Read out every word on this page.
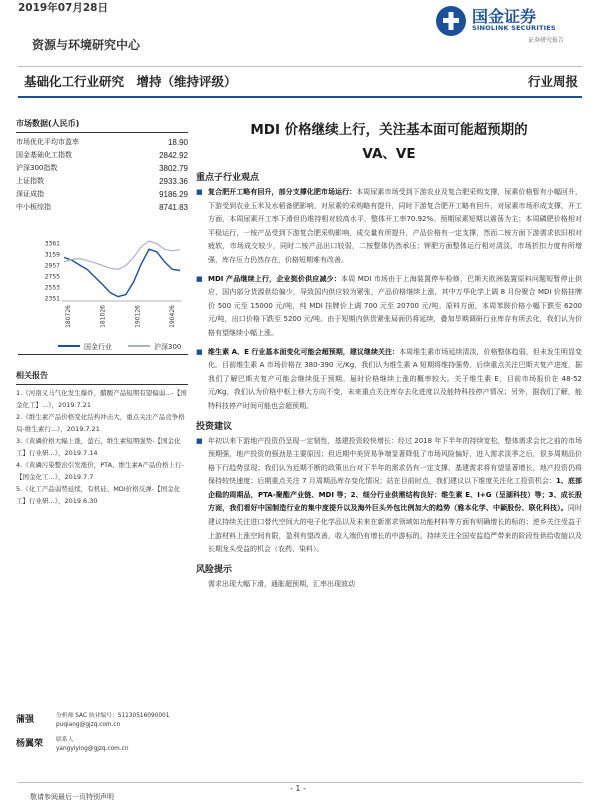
2019年07月28日	国金证券
SINOLINK SECURITIES
证券研究报告
资源与环境研究中心
基础化工行业研究　增持（维持评级）	行业周报
市场数据(人民币)
市场优化平均市盈率	18.90
国金基础化工指数	2842.92
沪深300指数	3802.79
上证指数	2933.36
深证成指	9186.29
中小板综指	8741.83
3361
3159
2957
2755
2553
2351
180726	181026	190126	190426
国金行业	沪深300
相关报告
1.《河南义马气化发生爆炸，醋酸产品短期有望偏弱...-【国金化工】...》，2019.7.21
2.《维生素产品价格变化结构冲击大，重点关注产品竞争格局-维生素行...》，2019.7.21
3.《黄磷价格大幅上涨，萤石、维生素短期强势-【国金化工】行业研...》，2019.7.14
4.《黄磷污染整治引发涨价，PTA、维生素A产品价格上行-【国金化工...》，2019.7.7
5.《化工产品弱势延续，有机硅、MDI价格反弹-【国金化工】行业研...》，2019.6.30
蒲强	分析师 SAC 执业编号：S1130516090001
puqiang@gjzq.com.cn
杨翼荣	联系人
yangyiying@gjzq.com.cn
MDI 价格继续上行，关注基本面可能超预期的
VA、VE
重点子行业观点

■ 复合肥开工略有回升，部分支撑化肥市场运行：本周尿素市场受到下游农业及复合肥采购支撑，尿素价格暂有小幅回升，下游受到农业玉米及水稻备肥影响，对尿素的采购略有提升，同时下游复合肥开工略有回升，对尿素市场形成支撑，开工方面，本周尿素开工率下滑但仍维持相对较高水平，整体开工率70.92%。预期尿素短期以震荡为主；本周磷肥价格相对平稳运行，一铵产品受到下游复合肥采购影响，成交量有所提升，产品价格有一定支撑，然而二铵方面下游需求依旧相对疲软，市场成交较少，同时二铵产品出口较弱，二铵整体仍然承压；钾肥方面整体运行相对清淡，市场折扣力度有所增强，库存压力仍然存在，价格短期难有改善。

■ MDI 产品继续上行，企业挺价供应减少：本周 MDI 市场由于上海装置停车检修，巴斯夫欧洲装置原料问题短暂停止供应，国内部分货源供给偏少，导致国内供应较为紧张，产品价格继续上涨，其中万华化学上调 8 月份聚合 MDI 价格挂牌价 500 元至 15000 元/吨，纯 MDI 挂牌价上调 700 元至 20700 元/吨。原料方面，本周苯胺价格小幅下跌至 6200 元/吨，出口价格下跌至 5200 元/吨。由于短期内供货紧张局面仍将延续，叠加旱期调研行业库存有所去化，我们认为价格有望继续小幅上涨。

■ 维生素 A、E 行业基本面变化可能会超预期，建议继续关注：本周维生素市场延续清淡，价格整体趋弱，但未发生明显变化。目前维生素 A 市场价格在 380-390 元/Kg，我们认为维生素 A 短期将维持强势，后续重点关注巴斯夫复产进度，据我们了解巴斯夫复产可能会继续低于预期。届时价格继续上涨的概率较大。关于维生素 E，目前市场报价在 48-52 元/Kg，我们认为价格中枢上移大方向不变，未来重点关注库存去化进度以及能特科技停产情况；另外，据我们了解，能特科技停产时间可能也会超预期。

投资建议

■ 年初以来下游地产投资仍呈现一定韧性，基建投资较快增长：经过 2018 年下半年的持续宽松，整体需求会比之前的市场预期强，地产投资的强劲是主要原因；但近期中美贸易争端显著降低了市场风险偏好，进入需求淡季之后，很多周期品价格下行趋势显现；我们认为近期不断的政策出台对下半年的需求仍有一定支撑，基建需求将有望显著增长，地产投资仍将保持较快速度；后期重点关注 7 月周期品库存变化情况；站在目前时点，我们建议以下维度关注化工投资机会：1、底部企稳的周期品，PTA-聚酯产业链、MDI 等；2、细分行业供需结构良好：维生素 E、I+G（呈湖科技）等；3、成长股方面，我们看好中国制造行业的集中度提升以及海外巨头外包比例加大的趋势（雅本化学、中颖股份、联化科技）。同时建议持续关注进口替代空间大的电子化学品以及未来在新需求领域如功能材料等方面有明确增长的标的；逆乡关注受益于上游材料上涨空间有限，盈利有望改善，收入端仍有增长的中游标的。持续关注全国安监趋严带来的阶段性供给收缩以及长期龙头受益的机会（农药、染料）。

风险提示
需求出现大幅下滑，通胀超预期，汇率出现波动
- 1 -
敬请参阅最后一页特别声明
